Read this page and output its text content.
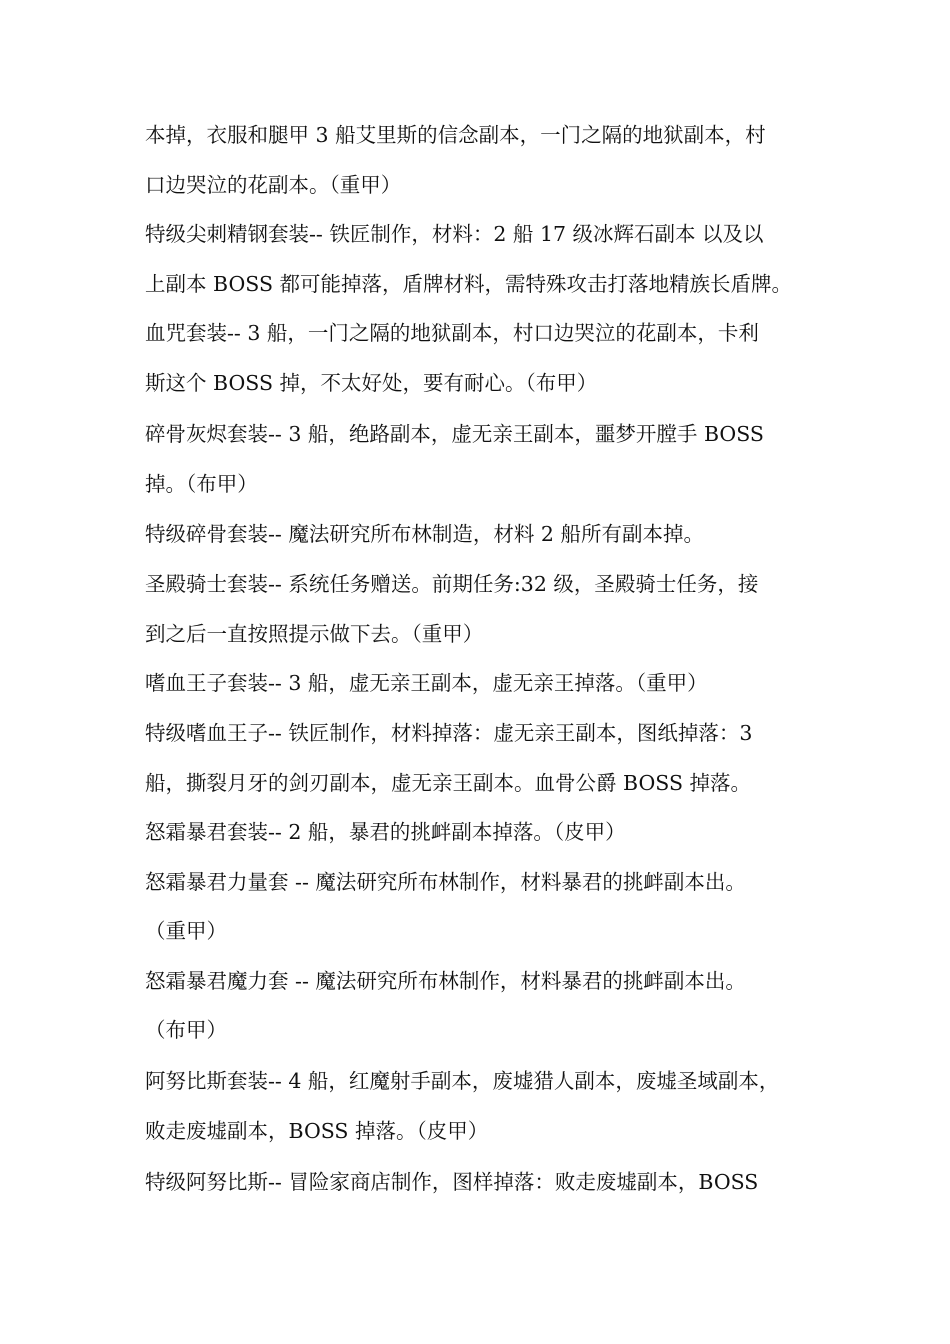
本掉，衣服和腿甲 3 船艾里斯的信念副本，一门之隔的地狱副本，村
口边哭泣的花副本。（重甲）
特级尖刺精钢套装-- 铁匠制作，材料：2 船 17 级冰辉石副本 以及以
上副本 BOSS 都可能掉落，盾牌材料，需特殊攻击打落地精族长盾牌。
血咒套装-- 3 船，一门之隔的地狱副本，村口边哭泣的花副本，卡利
斯这个 BOSS 掉，不太好处，要有耐心。（布甲）
碎骨灰烬套装-- 3 船，绝路副本，虚无亲王副本，噩梦开膛手 BOSS
掉。（布甲）
特级碎骨套装-- 魔法研究所布林制造，材料 2 船所有副本掉。
圣殿骑士套装-- 系统任务赠送。前期任务:32 级，圣殿骑士任务，接
到之后一直按照提示做下去。（重甲）
嗜血王子套装-- 3 船，虚无亲王副本，虚无亲王掉落。（重甲）
特级嗜血王子-- 铁匠制作，材料掉落：虚无亲王副本，图纸掉落：3
船，撕裂月牙的剑刃副本，虚无亲王副本。血骨公爵 BOSS 掉落。
怒霜暴君套装-- 2 船，暴君的挑衅副本掉落。（皮甲）
怒霜暴君力量套 -- 魔法研究所布林制作，材料暴君的挑衅副本出。
（重甲）
怒霜暴君魔力套 -- 魔法研究所布林制作，材料暴君的挑衅副本出。
（布甲）
阿努比斯套装-- 4 船，红魔射手副本，废墟猎人副本，废墟圣域副本，
败走废墟副本，BOSS 掉落。（皮甲）
特级阿努比斯-- 冒险家商店制作，图样掉落：败走废墟副本，BOSS
